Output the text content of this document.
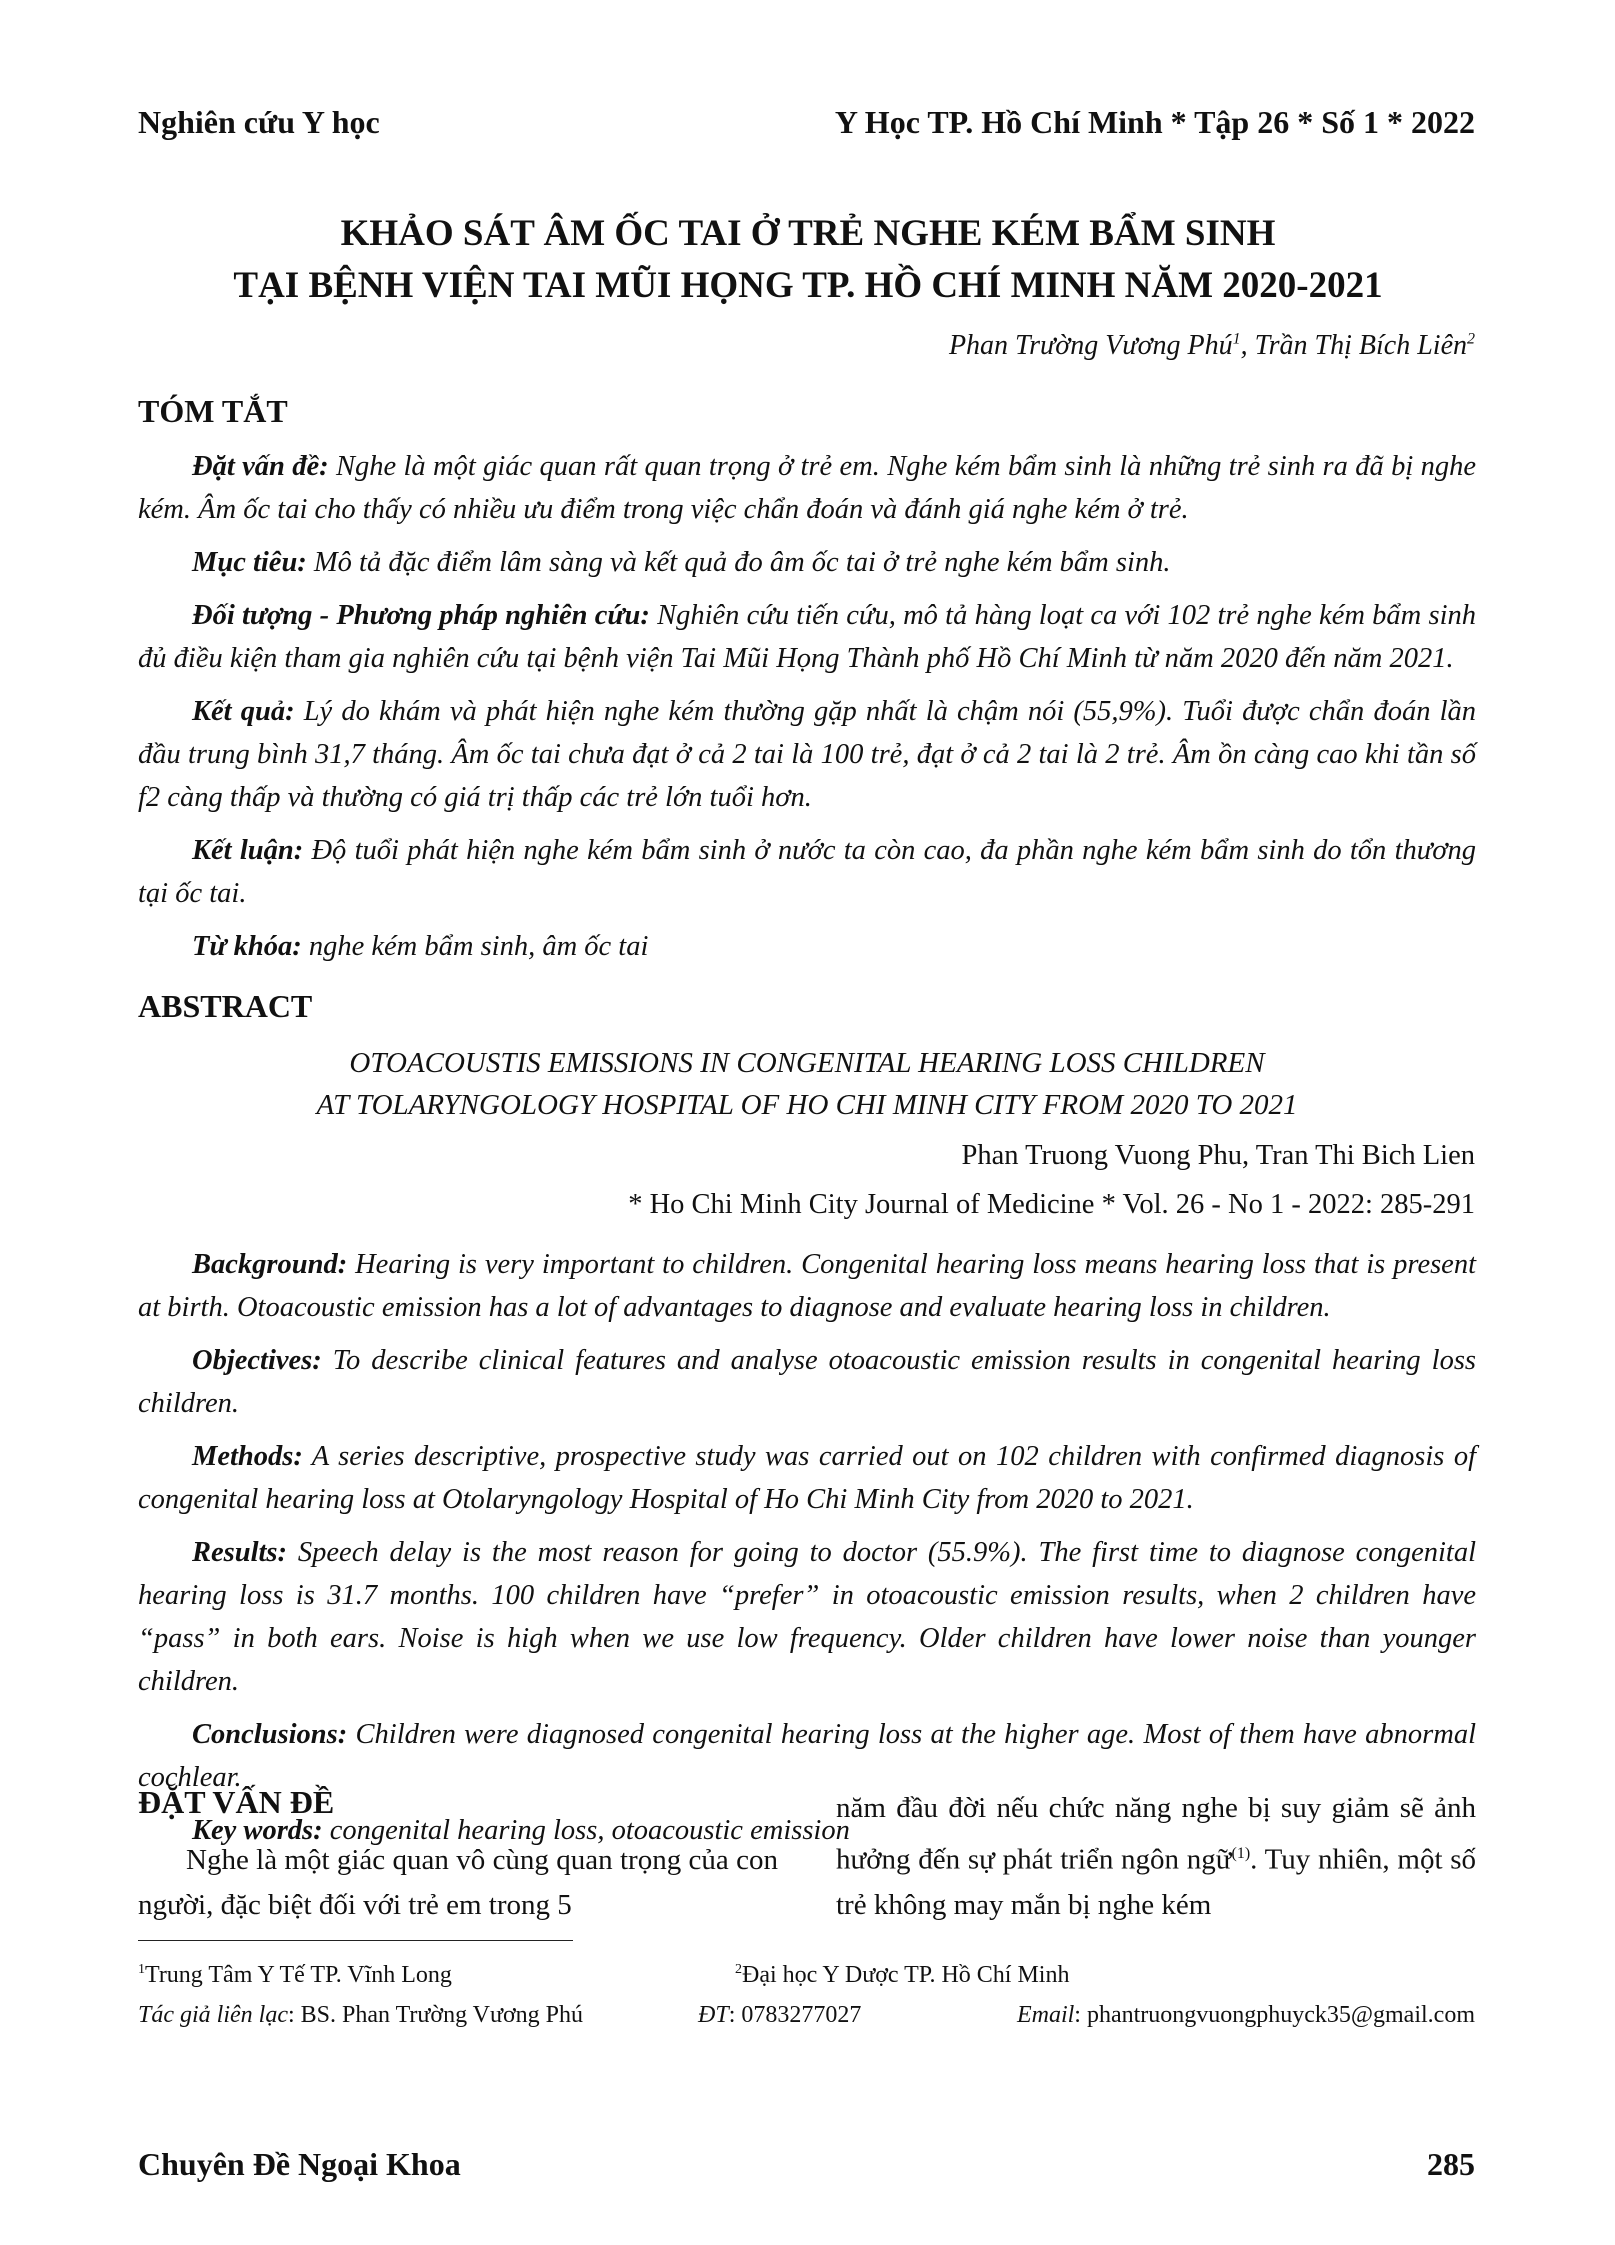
Nghiên cứu Y học	Y Học TP. Hồ Chí Minh * Tập 26 * Số 1 * 2022
KHẢO SÁT ÂM ỐC TAI Ở TRẺ NGHE KÉM BẨM SINH
TẠI BỆNH VIỆN TAI MŨI HỌNG TP. HỒ CHÍ MINH NĂM 2020-2021
Phan Trường Vương Phú$^1$, Trần Thị Bích Liên$^2$
TÓM TẮT

Đặt vấn đề: Nghe là một giác quan rất quan trọng ở trẻ em. Nghe kém bẩm sinh là những trẻ sinh ra đã bị nghe kém. Âm ốc tai cho thấy có nhiều ưu điểm trong việc chẩn đoán và đánh giá nghe kém ở trẻ.

Mục tiêu: Mô tả đặc điểm lâm sàng và kết quả đo âm ốc tai ở trẻ nghe kém bẩm sinh.

Đối tượng - Phương pháp nghiên cứu: Nghiên cứu tiến cứu, mô tả hàng loạt ca với 102 trẻ nghe kém bẩm sinh đủ điều kiện tham gia nghiên cứu tại bệnh viện Tai Mũi Họng Thành phố Hồ Chí Minh từ năm 2020 đến năm 2021.

Kết quả: Lý do khám và phát hiện nghe kém thường gặp nhất là chậm nói (55,9%). Tuổi được chẩn đoán lần đầu trung bình 31,7 tháng. Âm ốc tai chưa đạt ở cả 2 tai là 100 trẻ, đạt ở cả 2 tai là 2 trẻ. Âm ồn càng cao khi tần số f2 càng thấp và thường có giá trị thấp các trẻ lớn tuổi hơn.

Kết luận: Độ tuổi phát hiện nghe kém bẩm sinh ở nước ta còn cao, đa phần nghe kém bẩm sinh do tổn thương tại ốc tai.

Từ khóa: nghe kém bẩm sinh, âm ốc tai

ABSTRACT
OTOACOUSTIS EMISSIONS IN CONGENITAL HEARING LOSS CHILDREN
AT TOLARYNGOLOGY HOSPITAL OF HO CHI MINH CITY FROM 2020 TO 2021
Phan Truong Vuong Phu, Tran Thi Bich Lien
* Ho Chi Minh City Journal of Medicine * Vol. 26 - No 1 - 2022: 285-291

Background: Hearing is very important to children. Congenital hearing loss means hearing loss that is present at birth. Otoacoustic emission has a lot of advantages to diagnose and evaluate hearing loss in children.

Objectives: To describe clinical features and analyse otoacoustic emission results in congenital hearing loss children.

Methods: A series descriptive, prospective study was carried out on 102 children with confirmed diagnosis of congenital hearing loss at Otolaryngology Hospital of Ho Chi Minh City from 2020 to 2021.

Results: Speech delay is the most reason for going to doctor (55.9%). The first time to diagnose congenital hearing loss is 31.7 months. 100 children have “prefer” in otoacoustic emission results, when 2 children have “pass” in both ears. Noise is high when we use low frequency. Older children have lower noise than younger children.

Conclusions: Children were diagnosed congenital hearing loss at the higher age. Most of them have abnormal cochlear.

Key words: congenital hearing loss, otoacoustic emission

ĐẶT VẤN ĐỀ

Nghe là một giác quan vô cùng quan trọng của con người, đặc biệt đối với trẻ em trong 5

năm đầu đời nếu chức năng nghe bị suy giảm sẽ ảnh hưởng đến sự phát triển ngôn ngữ$^{(1)}$. Tuy nhiên, một số trẻ không may mắn bị nghe kém

$^1$Trung Tâm Y Tế TP. Vĩnh Long	$^2$Đại học Y Dược TP. Hồ Chí Minh
Tác giả liên lạc: BS. Phan Trường Vương Phú	ĐT: 0783277027	Email: phantruongvuongphuyck35@gmail.com
Chuyên Đề Ngoại Khoa	285
